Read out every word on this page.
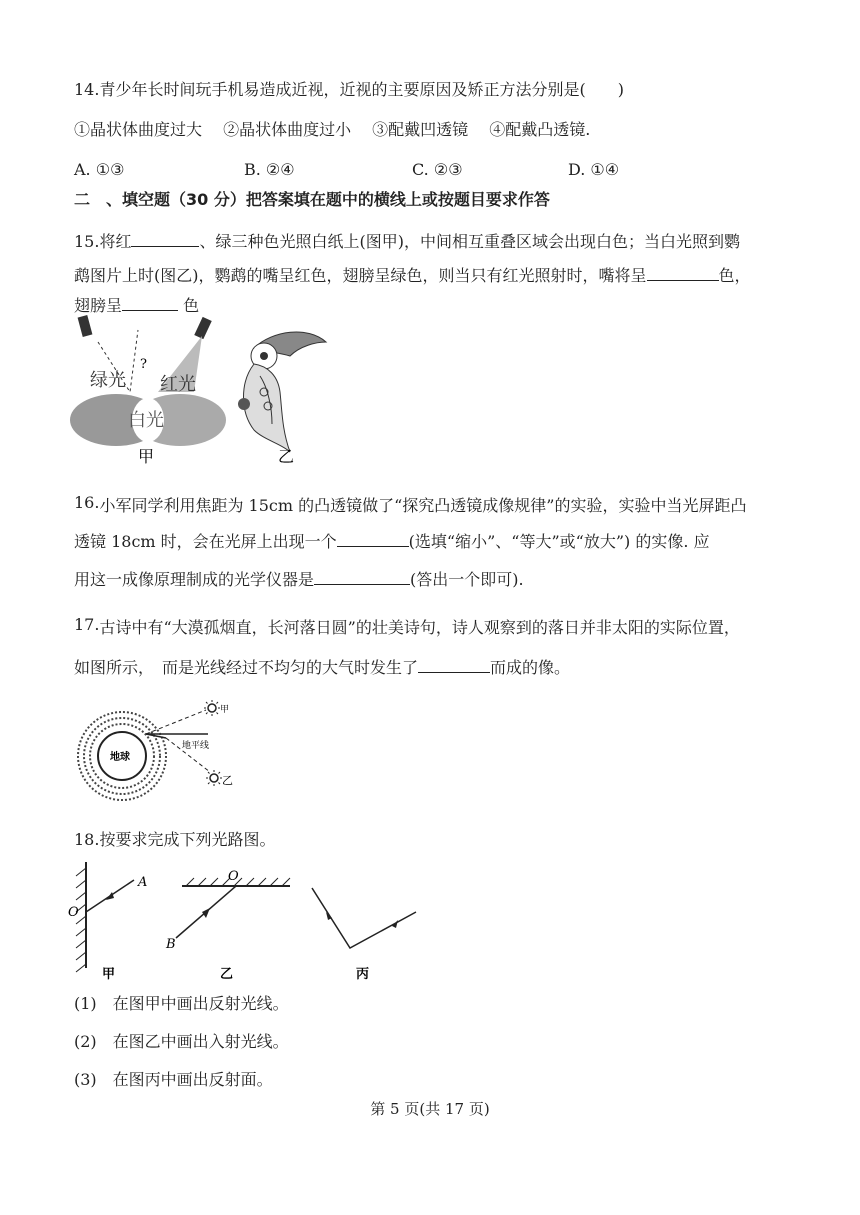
14.青少年长时间玩手机易造成近视，近视的主要原因及矫正方法分别是(　　)
①晶状体曲度过大　 ②晶状体曲度过小　 ③配戴凹透镜　 ④配戴凸透镜.
A. ①③	B. ②④	C. ②③	D. ①④
二　、填空题（30 分）把答案填在题中的横线上或按题目要求作答
15.将红	、绿三种色光照白纸上(图甲)，中间相互重叠区域会出现白色；当白光照到鹦
鹉图片上时(图乙)，鹦鹉的嘴呈红色，翅膀呈绿色，则当只有红光照射时，嘴将呈	色，
翅膀呈	色
?
绿光 红光
白光
甲	乙
16.小军同学利用焦距为 15cm 的凸透镜做了“探究凸透镜成像规律”的实验，实验中当光屏距凸
透镜 18cm 时，会在光屏上出现一个	(选填“缩小”、“等大”或“放大”) 的实像. 应
用这一成像原理制成的光学仪器是	(答出一个即可).
17.古诗中有“大漠孤烟直，长河落日圆”的壮美诗句，诗人观察到的落日并非太阳的实际位置，
如图所示，　而是光线经过不均匀的大气时发生了	而成的像。
地球
地平线
甲
乙
18.按要求完成下列光路图。
A
O
甲
O
B
乙	丙
(1)　在图甲中画出反射光线。
(2)　在图乙中画出入射光线。
(3)　在图丙中画出反射面。
第 5 页(共 17 页)
